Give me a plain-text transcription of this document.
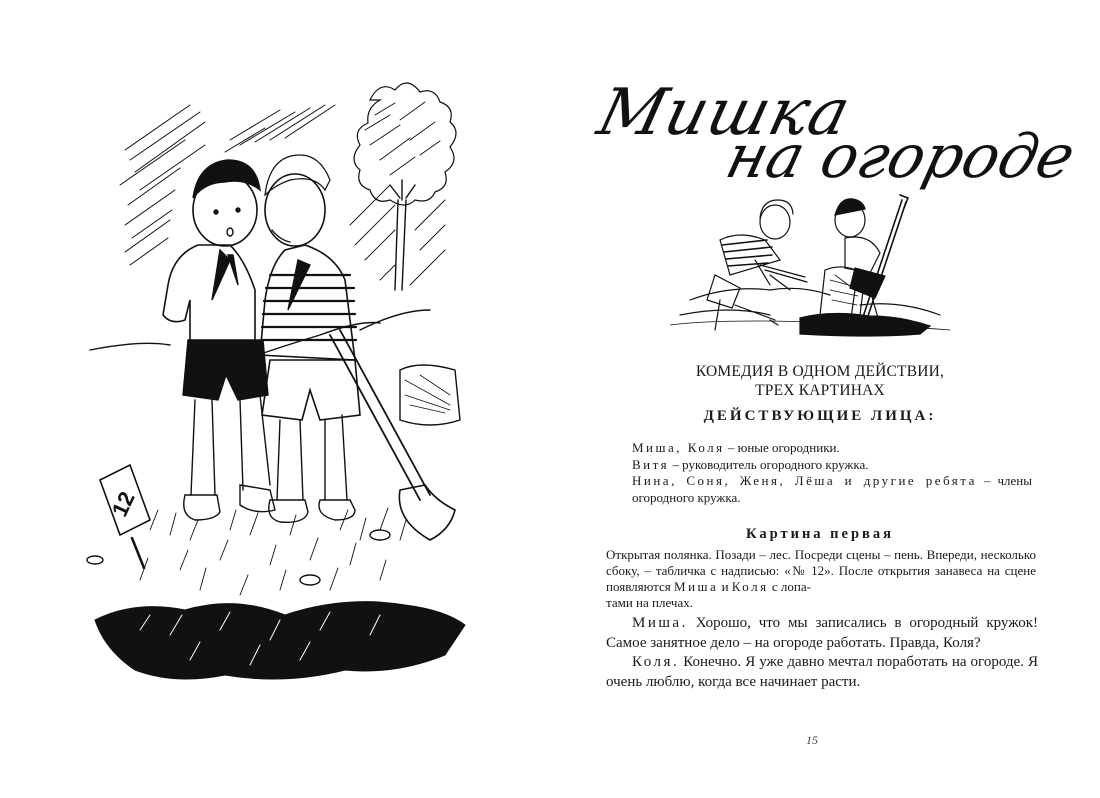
12
Мишка
на огороде
КОМЕДИЯ В ОДНОМ ДЕЙСТВИИ,
ТРЕХ КАРТИНАХ
ДЕЙСТВУЮЩИЕ ЛИЦА:

Миша, Коля – юные огородники.

Витя – руководитель огородного кружка.

Нина, Соня, Женя, Лёша и другие ребята – члены огородного кружка.

Картина первая
Открытая полянка. Позади – лес. Посреди сцены – пень. Впереди, несколько сбоку, – табличка с надписью: «№ 12». После открытия занавеса на сцене появляются Миша и Коля с лопа-
тами на плечах.

Миша. Хорошо, что мы записались в огородный кружок! Самое занятное дело – на огороде работать. Правда, Коля?

Коля. Конечно. Я уже давно мечтал поработать на огороде. Я очень люблю, когда все начинает расти.

15
